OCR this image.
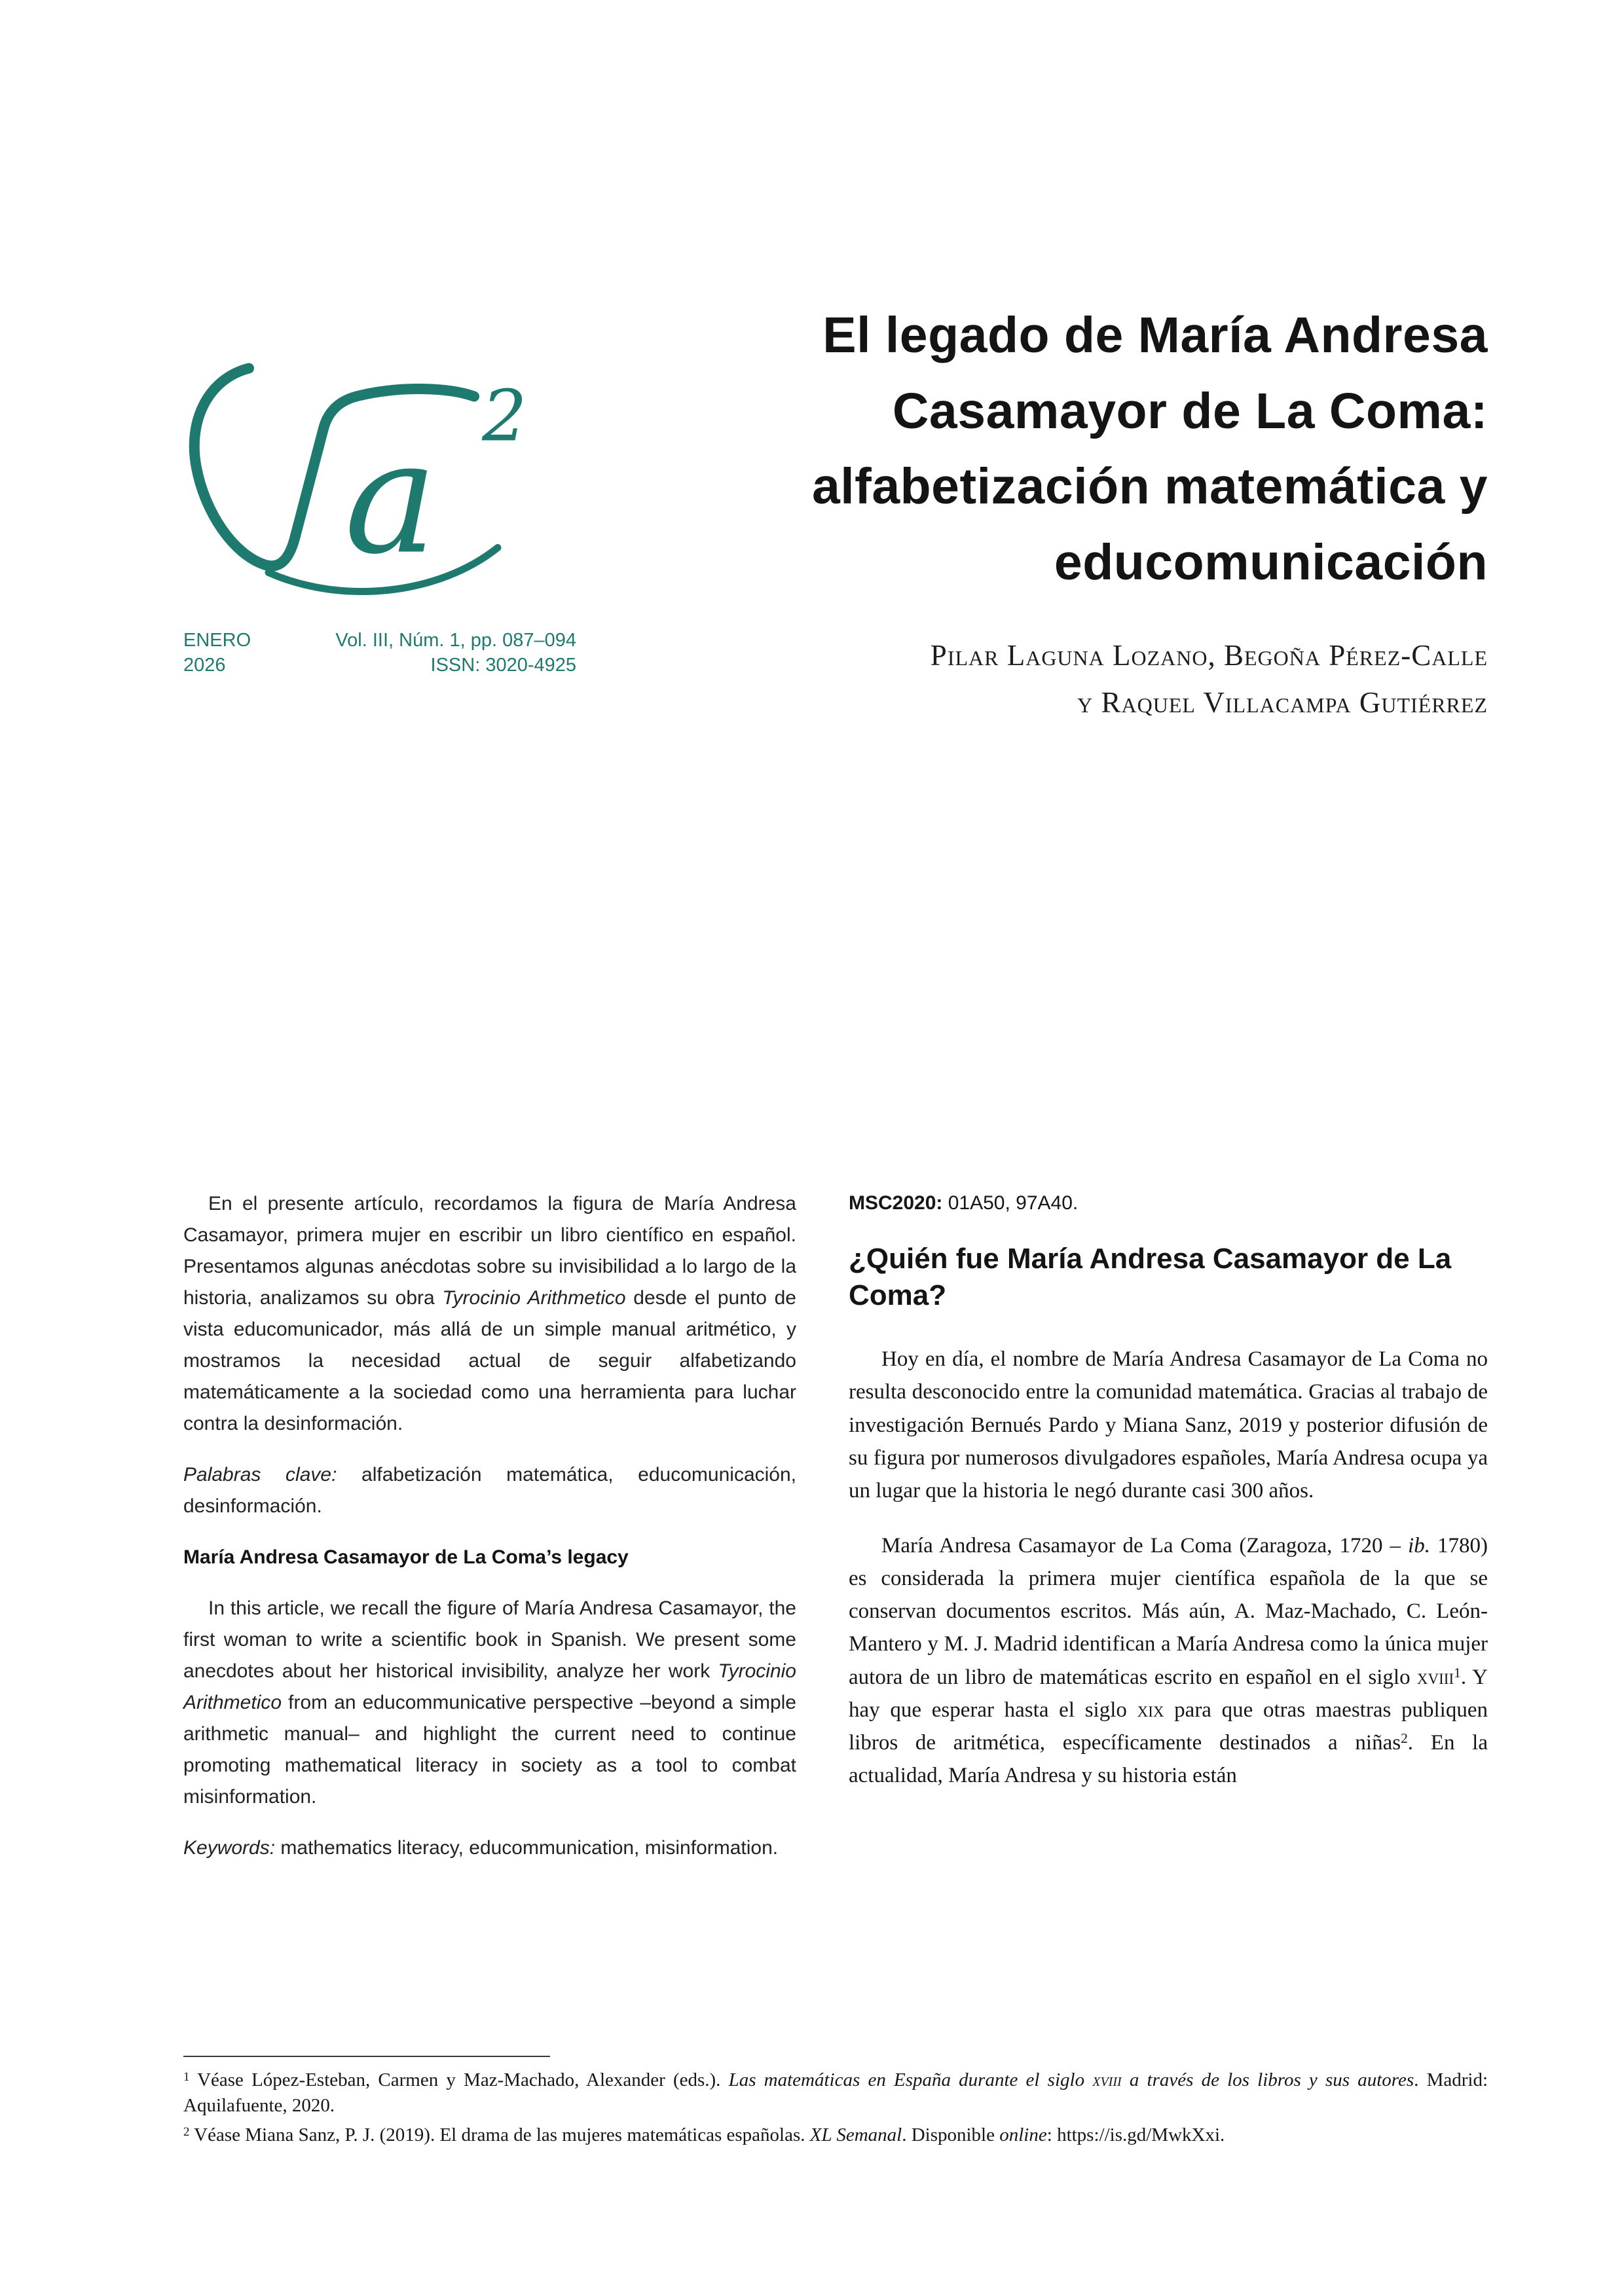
a 2
ENERO	Vol. III, Núm. 1, pp. 087–094
2026	ISSN: 3020-4925
El legado de María Andresa
Casamayor de La Coma:
alfabetización matemática y
educomunicación
Pilar Laguna Lozano, Begoña Pérez-Calle
y Raquel Villacampa Gutiérrez

En el presente artículo, recordamos la figura de María Andresa Casamayor, primera mujer en escribir un libro científico en español. Presentamos algunas anécdotas sobre su invisibilidad a lo largo de la historia, analizamos su obra Tyrocinio Arithmetico desde el punto de vista educomunicador, más allá de un simple manual aritmético, y mostramos la necesidad actual de seguir alfabetizando matemáticamente a la sociedad como una herramienta para luchar contra la desinformación.

Palabras clave: alfabetización matemática, educomunicación, desinformación.

María Andresa Casamayor de La Coma’s legacy

In this article, we recall the figure of María Andresa Casamayor, the first woman to write a scientific book in Spanish. We present some anecdotes about her historical invisibility, analyze her work Tyrocinio Arithmetico from an educommunicative perspective –beyond a simple arithmetic manual– and highlight the current need to continue promoting mathematical literacy in society as a tool to combat misinformation.

Keywords: mathematics literacy, educommunication, misinformation.

MSC2020: 01A50, 97A40.

¿Quién fue María Andresa Casamayor de La Coma?

Hoy en día, el nombre de María Andresa Casamayor de La Coma no resulta desconocido entre la comunidad matemática. Gracias al trabajo de investigación Bernués Pardo y Miana Sanz, 2019 y posterior difusión de su figura por numerosos divulgadores españoles, María Andresa ocupa ya un lugar que la historia le negó durante casi 300 años.

María Andresa Casamayor de La Coma (Zaragoza, 1720 – ib. 1780) es considerada la primera mujer científica española de la que se conservan documentos escritos. Más aún, A. Maz-Machado, C. León-Mantero y M. J. Madrid identifican a María Andresa como la única mujer autora de un libro de matemáticas escrito en español en el siglo xviii$^1$. Y hay que esperar hasta el siglo xix para que otras maestras publiquen libros de aritmética, específicamente destinados a niñas$^2$. En la actualidad, María Andresa y su historia están

$^1$ Véase López-Esteban, Carmen y Maz-Machado, Alexander (eds.). Las matemáticas en España durante el siglo xviii a través de los libros y sus autores. Madrid: Aquilafuente, 2020.

$^2$ Véase Miana Sanz, P. J. (2019). El drama de las mujeres matemáticas españolas. XL Semanal. Disponible online: https://is.gd/MwkXxi.
